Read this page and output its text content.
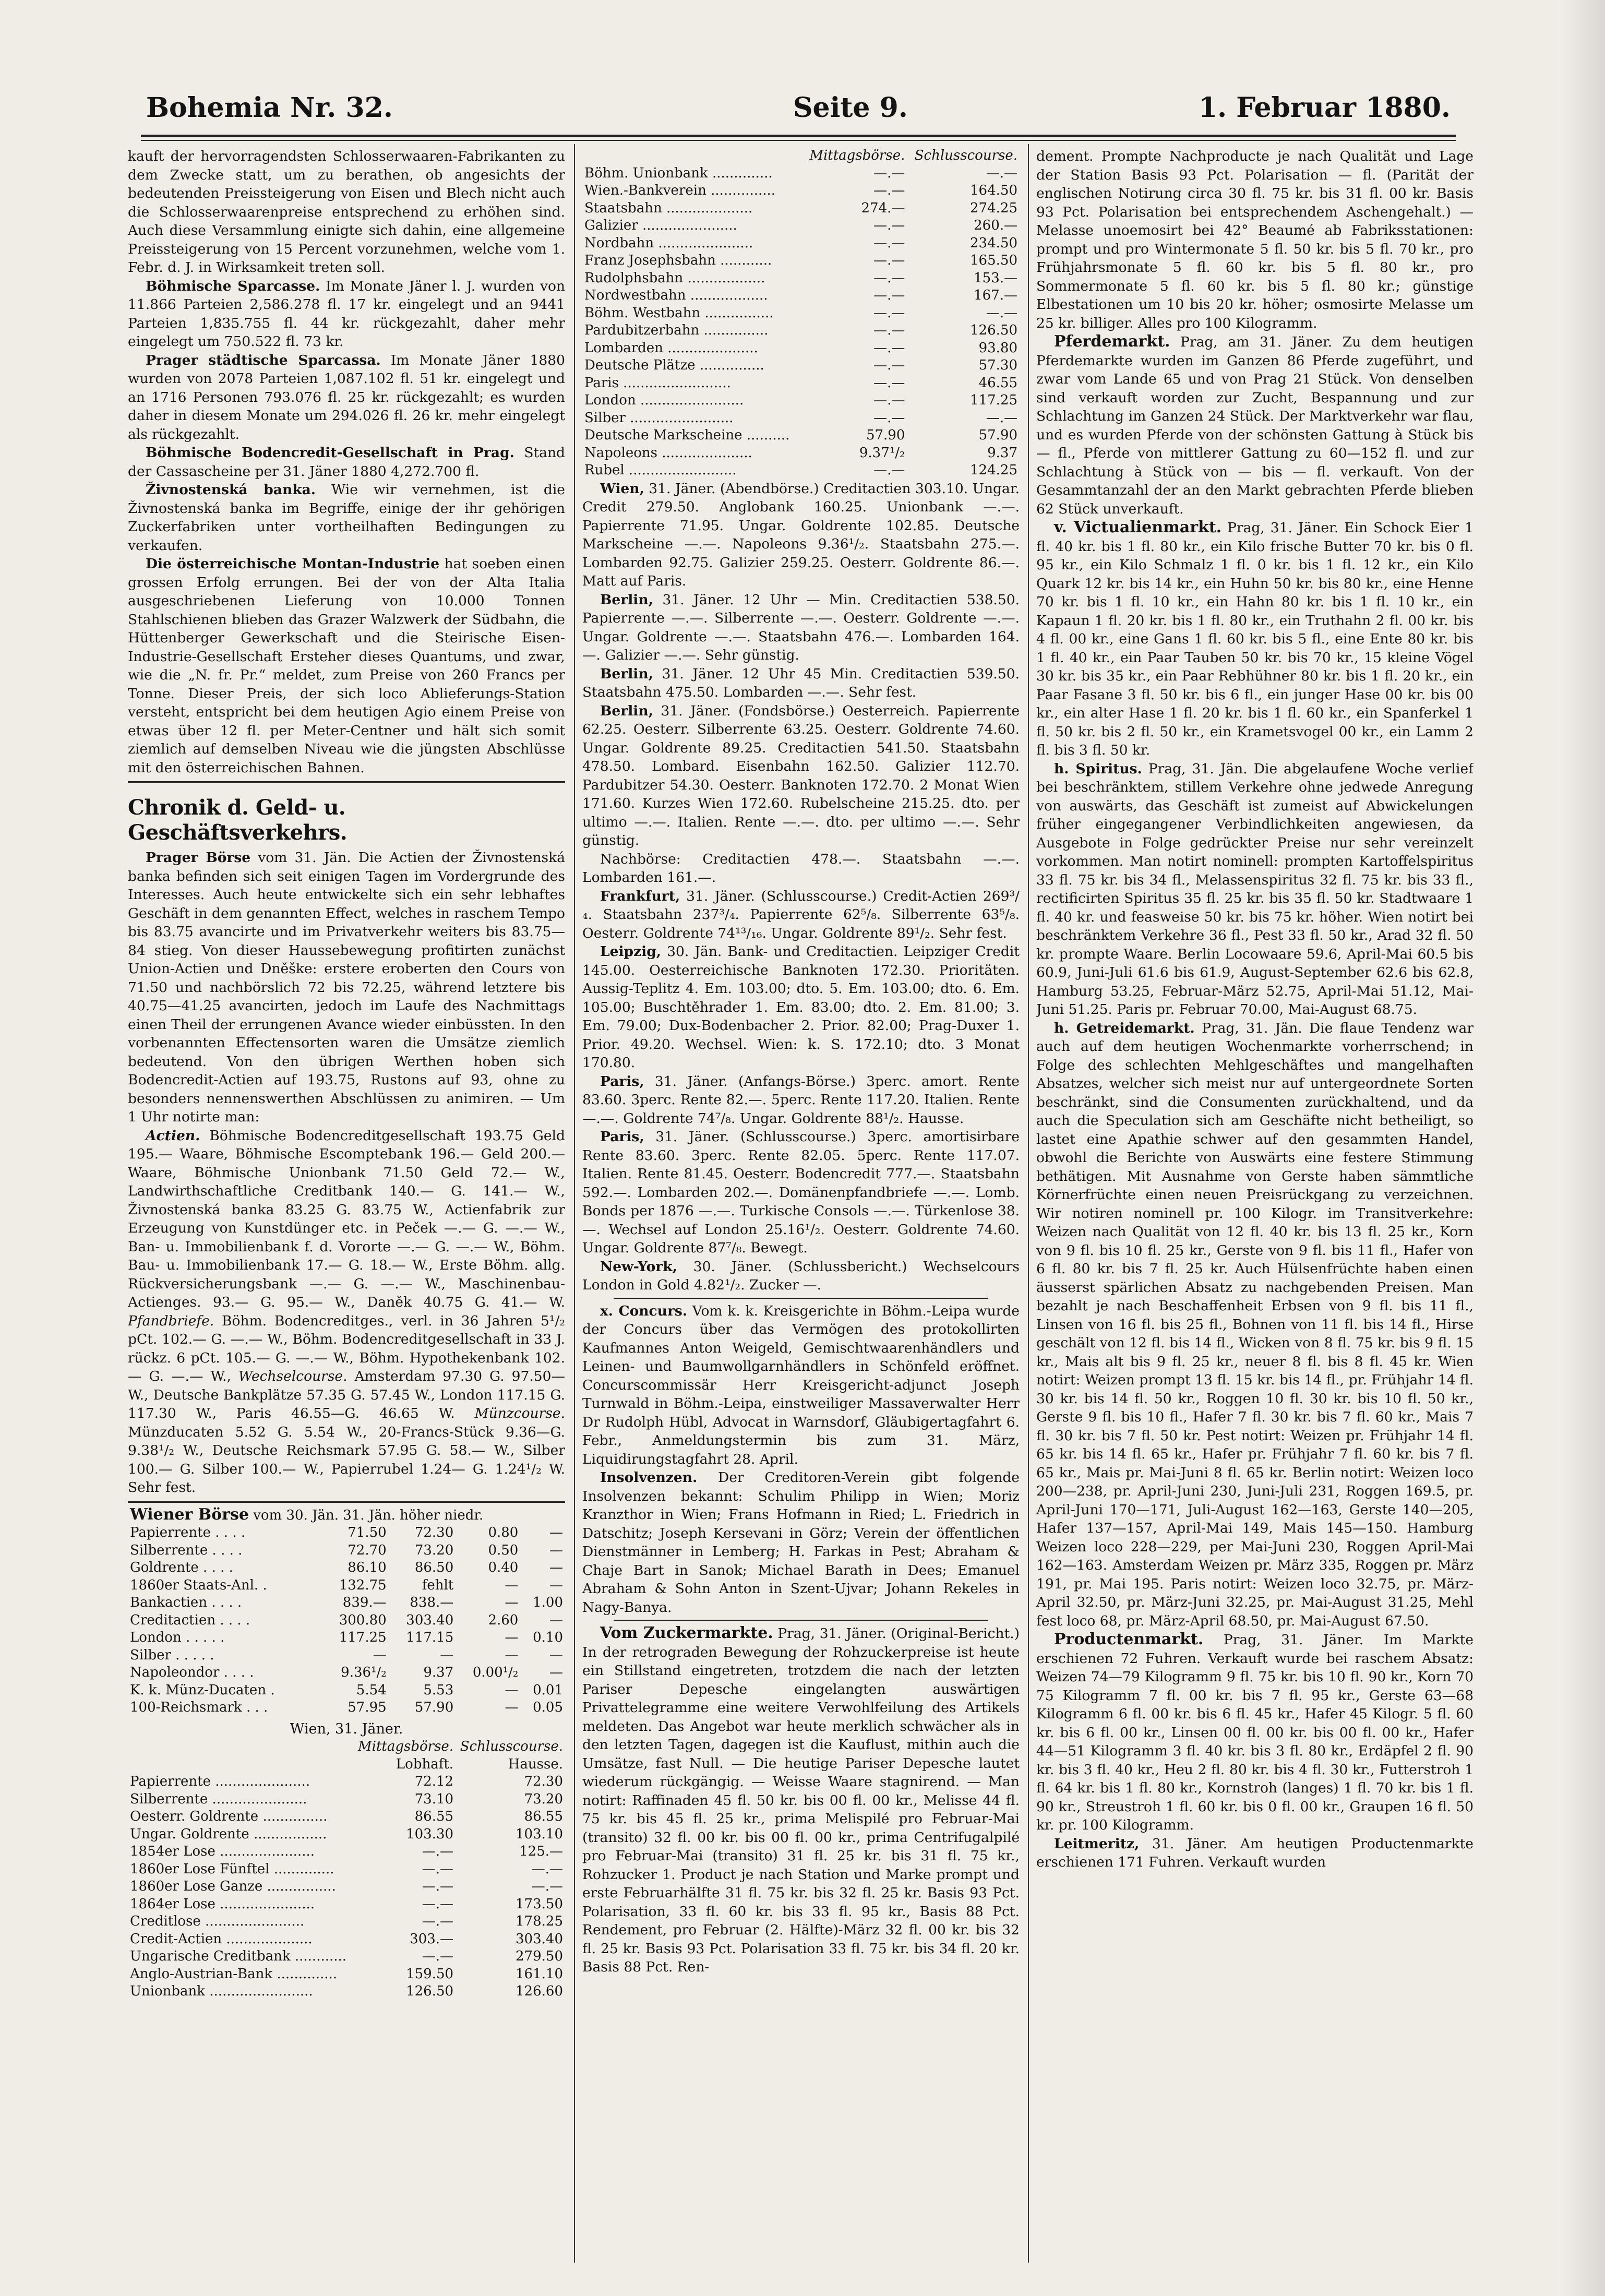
Bohemia Nr. 32.	Seite 9.	1. Februar 1880.

kauft der hervorragendsten Schlosserwaaren-Fabrikanten zu dem Zwecke statt, um zu berathen, ob angesichts der bedeutenden Preissteigerung von Eisen und Blech nicht auch die Schlosserwaarenpreise entsprechend zu erhöhen sind. Auch diese Versammlung einigte sich dahin, eine allgemeine Preissteigerung von 15 Percent vorzunehmen, welche vom 1. Febr. d. J. in Wirksamkeit treten soll.

Böhmische Sparcasse. Im Monate Jäner l. J. wurden von 11.866 Parteien 2,586.278 fl. 17 kr. eingelegt und an 9441 Parteien 1,835.755 fl. 44 kr. rückgezahlt, daher mehr eingelegt um 750.522 fl. 73 kr.

Prager städtische Sparcassa. Im Monate Jäner 1880 wurden von 2078 Parteien 1,087.102 fl. 51 kr. eingelegt und an 1716 Personen 793.076 fl. 25 kr. rückgezahlt; es wurden daher in diesem Monate um 294.026 fl. 26 kr. mehr eingelegt als rückgezahlt.

Böhmische Bodencredit-Gesellschaft in Prag. Stand der Cassascheine per 31. Jäner 1880 4,272.700 fl.

Živnostenská banka. Wie wir vernehmen, ist die Živnostenská banka im Begriffe, einige der ihr gehörigen Zuckerfabriken unter vortheilhaften Bedingungen zu verkaufen.

Die österreichische Montan-Industrie hat soeben einen grossen Erfolg errungen. Bei der von der Alta Italia ausgeschriebenen Lieferung von 10.000 Tonnen Stahlschienen blieben das Grazer Walzwerk der Südbahn, die Hüttenberger Gewerkschaft und die Steirische Eisen-Industrie-Gesellschaft Ersteher dieses Quantums, und zwar, wie die „N. fr. Pr.“ meldet, zum Preise von 260 Francs per Tonne. Dieser Preis, der sich loco Ablieferungs-Station versteht, entspricht bei dem heutigen Agio einem Preise von etwas über 12 fl. per Meter-Centner und hält sich somit ziemlich auf demselben Niveau wie die jüngsten Abschlüsse mit den österreichischen Bahnen.

Chronik d. Geld- u. Geschäftsverkehrs.

Prager Börse vom 31. Jän. Die Actien der Živnostenská banka befinden sich seit einigen Tagen im Vordergrunde des Interesses. Auch heute entwickelte sich ein sehr lebhaftes Geschäft in dem genannten Effect, welches in raschem Tempo bis 83.75 avancirte und im Privatverkehr weiters bis 83.75—84 stieg. Von dieser Haussebewegung profitirten zunächst Union-Actien und Dněške: erstere eroberten den Cours von 71.50 und nachbörslich 72 bis 72.25, während letztere bis 40.75—41.25 avancirten, jedoch im Laufe des Nachmittags einen Theil der errungenen Avance wieder einbüssten. In den vorbenannten Effectensorten waren die Umsätze ziemlich bedeutend. Von den übrigen Werthen hoben sich Bodencredit-Actien auf 193.75, Rustons auf 93, ohne zu besonders nennenswerthen Abschlüssen zu animiren. — Um 1 Uhr notirte man:

Actien. Böhmische Bodencreditgesellschaft 193.75 Geld 195.— Waare, Böhmische Escomptebank 196.— Geld 200.— Waare, Böhmische Unionbank 71.50 Geld 72.— W., Landwirthschaftliche Creditbank 140.— G. 141.— W., Živnostenská banka 83.25 G. 83.75 W., Actienfabrik zur Erzeugung von Kunstdünger etc. in Peček —.— G. —.— W., Ban- u. Immobilienbank f. d. Vororte —.— G. —.— W., Böhm. Bau- u. Immobilienbank 17.— G. 18.— W., Erste Böhm. allg. Rückversicherungsbank —.— G. —.— W., Maschinenbau-Actienges. 93.— G. 95.— W., Daněk 40.75 G. 41.— W. Pfandbriefe. Böhm. Bodencreditges., verl. in 36 Jahren 5¹/₂ pCt. 102.— G. —.— W., Böhm. Bodencreditgesellschaft in 33 J. rückz. 6 pCt. 105.— G. —.— W., Böhm. Hypothekenbank 102.— G. —.— W., Wechselcourse. Amsterdam 97.30 G. 97.50— W., Deutsche Bankplätze 57.35 G. 57.45 W., London 117.15 G. 117.30 W., Paris 46.55—G. 46.65 W. Münzcourse. Münzducaten 5.52 G. 5.54 W., 20-Francs-Stück 9.36—G. 9.38¹/₂ W., Deutsche Reichsmark 57.95 G. 58.— W., Silber 100.— G. Silber 100.— W., Papierrubel 1.24— G. 1.24¹/₂ W. Sehr fest.

Wiener Börse vom 30. Jän. 31. Jän. höher niedr.				
Papierrente . . . .	71.50	72.30	0.80	—
Silberrente . . . .	72.70	73.20	0.50	—
Goldrente . . . .	86.10	86.50	0.40	—
1860er Staats-Anl. .	132.75	fehlt	—	—
Bankactien . . . .	839.—	838.—	—	1.00
Creditactien . . . .	300.80	303.40	2.60	—
London . . . . .	117.25	117.15	—	0.10
Silber . . . . .	—	—	—	—
Napoleondor . . . .	9.36¹/₂	9.37	0.00¹/₂	—
K. k. Münz-Ducaten .	5.54	5.53	—	0.01
100-Reichsmark . . .	57.95	57.90	—	0.05
Wien, 31. Jäner.
	Mittagsbörse.	Schlusscourse.
	Lobhaft.	Hausse.
Papierrente ......................	72.12	72.30
Silberrente ......................	73.10	73.20
Oesterr. Goldrente ...............	86.55	86.55
Ungar. Goldrente .................	103.30	103.10
1854er Lose ......................	—.—	125.—
1860er Lose Fünftel ..............	—.—	—.—
1860er Lose Ganze ................	—.—	—.—
1864er Lose ......................	—.—	173.50
Creditlose .......................	—.—	178.25
Credit-Actien ....................	303.—	303.40
Ungarische Creditbank ............	—.—	279.50
Anglo-Austrian-Bank ..............	159.50	161.10
Unionbank ........................	126.50	126.60
	Mittagsbörse.	Schlusscourse.
Böhm. Unionbank ..............	—.—	—.—
Wien.-Bankverein ...............	—.—	164.50
Staatsbahn ....................	274.—	274.25
Galizier ......................	—.—	260.—
Nordbahn ......................	—.—	234.50
Franz Josephsbahn ............	—.—	165.50
Rudolphsbahn ..................	—.—	153.—
Nordwestbahn ..................	—.—	167.—
Böhm. Westbahn ................	—.—	—.—
Pardubitzerbahn ...............	—.—	126.50
Lombarden .....................	—.—	93.80
Deutsche Plätze ...............	—.—	57.30
Paris .........................	—.—	46.55
London ........................	—.—	117.25
Silber ........................	—.—	—.—
Deutsche Markscheine ..........	57.90	57.90
Napoleons .....................	9.37¹/₂	9.37
Rubel .........................	—.—	124.25

Wien, 31. Jäner. (Abendbörse.) Creditactien 303.10. Ungar. Credit 279.50. Anglobank 160.25. Unionbank —.—. Papierrente 71.95. Ungar. Goldrente 102.85. Deutsche Markscheine —.—. Napoleons 9.36¹/₂. Staatsbahn 275.—. Lombarden 92.75. Galizier 259.25. Oesterr. Goldrente 86.—. Matt auf Paris.

Berlin, 31. Jäner. 12 Uhr — Min. Creditactien 538.50. Papierrente —.—. Silberrente —.—. Oesterr. Goldrente —.—. Ungar. Goldrente —.—. Staatsbahn 476.—. Lombarden 164.—. Galizier —.—. Sehr günstig.

Berlin, 31. Jäner. 12 Uhr 45 Min. Creditactien 539.50. Staatsbahn 475.50. Lombarden —.—. Sehr fest.

Berlin, 31. Jäner. (Fondsbörse.) Oesterreich. Papierrente 62.25. Oesterr. Silberrente 63.25. Oesterr. Goldrente 74.60. Ungar. Goldrente 89.25. Creditactien 541.50. Staatsbahn 478.50. Lombard. Eisenbahn 162.50. Galizier 112.70. Pardubitzer 54.30. Oesterr. Banknoten 172.70. 2 Monat Wien 171.60. Kurzes Wien 172.60. Rubelscheine 215.25. dto. per ultimo —.—. Italien. Rente —.—. dto. per ultimo —.—. Sehr günstig.

Nachbörse: Creditactien 478.—. Staatsbahn —.—. Lombarden 161.—.

Frankfurt, 31. Jäner. (Schlusscourse.) Credit-Actien 269³/₄. Staatsbahn 237³/₄. Papierrente 62⁵/₈. Silberrente 63⁵/₈. Oesterr. Goldrente 74¹³/₁₆. Ungar. Goldrente 89¹/₂. Sehr fest.

Leipzig, 30. Jän. Bank- und Creditactien. Leipziger Credit 145.00. Oesterreichische Banknoten 172.30. Prioritäten. Aussig-Teplitz 4. Em. 103.00; dto. 5. Em. 103.00; dto. 6. Em. 105.00; Buschtěhrader 1. Em. 83.00; dto. 2. Em. 81.00; 3. Em. 79.00; Dux-Bodenbacher 2. Prior. 82.00; Prag-Duxer 1. Prior. 49.20. Wechsel. Wien: k. S. 172.10; dto. 3 Monat 170.80.

Paris, 31. Jäner. (Anfangs-Börse.) 3perc. amort. Rente 83.60. 3perc. Rente 82.—. 5perc. Rente 117.20. Italien. Rente —.—. Goldrente 74⁷/₈. Ungar. Goldrente 88¹/₂. Hausse.

Paris, 31. Jäner. (Schlusscourse.) 3perc. amortisirbare Rente 83.60. 3perc. Rente 82.05. 5perc. Rente 117.07. Italien. Rente 81.45. Oesterr. Bodencredit 777.—. Staatsbahn 592.—. Lombarden 202.—. Domänenpfandbriefe —.—. Lomb. Bonds per 1876 —.—. Turkische Consols —.—. Türkenlose 38.—. Wechsel auf London 25.16¹/₂. Oesterr. Goldrente 74.60. Ungar. Goldrente 87⁷/₈. Bewegt.

New-York, 30. Jäner. (Schlussbericht.) Wechselcours London in Gold 4.82¹/₂. Zucker —.

x. Concurs. Vom k. k. Kreisgerichte in Böhm.-Leipa wurde der Concurs über das Vermögen des protokollirten Kaufmannes Anton Weigeld, Gemischtwaarenhändlers und Leinen- und Baumwollgarnhändlers in Schönfeld eröffnet. Concurscommissär Herr Kreisgericht-adjunct Joseph Turnwald in Böhm.-Leipa, einstweiliger Massaverwalter Herr Dr Rudolph Hübl, Advocat in Warnsdorf, Gläubigertagfahrt 6. Febr., Anmeldungstermin bis zum 31. März, Liquidirungstagfahrt 28. April.

Insolvenzen. Der Creditoren-Verein gibt folgende Insolvenzen bekannt: Schulim Philipp in Wien; Moriz Kranzthor in Wien; Frans Hofmann in Ried; L. Friedrich in Datschitz; Joseph Kersevani in Görz; Verein der öffentlichen Dienstmänner in Lemberg; H. Farkas in Pest; Abraham & Chaje Bart in Sanok; Michael Barath in Dees; Emanuel Abraham & Sohn Anton in Szent-Ujvar; Johann Rekeles in Nagy-Banya.

Vom Zuckermarkte. Prag, 31. Jäner. (Original-Bericht.) In der retrograden Bewegung der Rohzuckerpreise ist heute ein Stillstand eingetreten, trotzdem die nach der letzten Pariser Depesche eingelangten auswärtigen Privattelegramme eine weitere Verwohlfeilung des Artikels meldeten. Das Angebot war heute merklich schwächer als in den letzten Tagen, dagegen ist die Kauflust, mithin auch die Umsätze, fast Null. — Die heutige Pariser Depesche lautet wiederum rückgängig. — Weisse Waare stagnirend. — Man notirt: Raffinaden 45 fl. 50 kr. bis 00 fl. 00 kr., Melisse 44 fl. 75 kr. bis 45 fl. 25 kr., prima Melispilé pro Februar-Mai (transito) 32 fl. 00 kr. bis 00 fl. 00 kr., prima Centrifugalpilé pro Februar-Mai (transito) 31 fl. 25 kr. bis 31 fl. 75 kr., Rohzucker 1. Product je nach Station und Marke prompt und erste Februarhälfte 31 fl. 75 kr. bis 32 fl. 25 kr. Basis 93 Pct. Polarisation, 33 fl. 60 kr. bis 33 fl. 95 kr., Basis 88 Pct. Rendement, pro Februar (2. Hälfte)-März 32 fl. 00 kr. bis 32 fl. 25 kr. Basis 93 Pct. Polarisation 33 fl. 75 kr. bis 34 fl. 20 kr. Basis 88 Pct. Ren-

dement. Prompte Nachproducte je nach Qualität und Lage der Station Basis 93 Pct. Polarisation — fl. (Parität der englischen Notirung circa 30 fl. 75 kr. bis 31 fl. 00 kr. Basis 93 Pct. Polarisation bei entsprechendem Aschengehalt.) — Melasse unoemosirt bei 42° Beaumé ab Fabriksstationen: prompt und pro Wintermonate 5 fl. 50 kr. bis 5 fl. 70 kr., pro Frühjahrsmonate 5 fl. 60 kr. bis 5 fl. 80 kr., pro Sommermonate 5 fl. 60 kr. bis 5 fl. 80 kr.; günstige Elbestationen um 10 bis 20 kr. höher; osmosirte Melasse um 25 kr. billiger. Alles pro 100 Kilogramm.

Pferdemarkt. Prag, am 31. Jäner. Zu dem heutigen Pferdemarkte wurden im Ganzen 86 Pferde zugeführt, und zwar vom Lande 65 und von Prag 21 Stück. Von denselben sind verkauft worden zur Zucht, Bespannung und zur Schlachtung im Ganzen 24 Stück. Der Marktverkehr war flau, und es wurden Pferde von der schönsten Gattung à Stück bis — fl., Pferde von mittlerer Gattung zu 60—152 fl. und zur Schlachtung à Stück von — bis — fl. verkauft. Von der Gesammtanzahl der an den Markt gebrachten Pferde blieben 62 Stück unverkauft.

v. Victualienmarkt. Prag, 31. Jäner. Ein Schock Eier 1 fl. 40 kr. bis 1 fl. 80 kr., ein Kilo frische Butter 70 kr. bis 0 fl. 95 kr., ein Kilo Schmalz 1 fl. 0 kr. bis 1 fl. 12 kr., ein Kilo Quark 12 kr. bis 14 kr., ein Huhn 50 kr. bis 80 kr., eine Henne 70 kr. bis 1 fl. 10 kr., ein Hahn 80 kr. bis 1 fl. 10 kr., ein Kapaun 1 fl. 20 kr. bis 1 fl. 80 kr., ein Truthahn 2 fl. 00 kr. bis 4 fl. 00 kr., eine Gans 1 fl. 60 kr. bis 5 fl., eine Ente 80 kr. bis 1 fl. 40 kr., ein Paar Tauben 50 kr. bis 70 kr., 15 kleine Vögel 30 kr. bis 35 kr., ein Paar Rebhühner 80 kr. bis 1 fl. 20 kr., ein Paar Fasane 3 fl. 50 kr. bis 6 fl., ein junger Hase 00 kr. bis 00 kr., ein alter Hase 1 fl. 20 kr. bis 1 fl. 60 kr., ein Spanferkel 1 fl. 50 kr. bis 2 fl. 50 kr., ein Krametsvogel 00 kr., ein Lamm 2 fl. bis 3 fl. 50 kr.

h. Spiritus. Prag, 31. Jän. Die abgelaufene Woche verlief bei beschränktem, stillem Verkehre ohne jedwede Anregung von auswärts, das Geschäft ist zumeist auf Abwickelungen früher eingegangener Verbindlichkeiten angewiesen, da Ausgebote in Folge gedrückter Preise nur sehr vereinzelt vorkommen. Man notirt nominell: prompten Kartoffelspiritus 33 fl. 75 kr. bis 34 fl., Melassenspiritus 32 fl. 75 kr. bis 33 fl., rectificirten Spiritus 35 fl. 25 kr. bis 35 fl. 50 kr. Stadtwaare 1 fl. 40 kr. und feasweise 50 kr. bis 75 kr. höher. Wien notirt bei beschränktem Verkehre 36 fl., Pest 33 fl. 50 kr., Arad 32 fl. 50 kr. prompte Waare. Berlin Locowaare 59.6, April-Mai 60.5 bis 60.9, Juni-Juli 61.6 bis 61.9, August-September 62.6 bis 62.8, Hamburg 53.25, Februar-März 52.75, April-Mai 51.12, Mai-Juni 51.25. Paris pr. Februar 70.00, Mai-August 68.75.

h. Getreidemarkt. Prag, 31. Jän. Die flaue Tendenz war auch auf dem heutigen Wochenmarkte vorherrschend; in Folge des schlechten Mehlgeschäftes und mangelhaften Absatzes, welcher sich meist nur auf untergeordnete Sorten beschränkt, sind die Consumenten zurückhaltend, und da auch die Speculation sich am Geschäfte nicht betheiligt, so lastet eine Apathie schwer auf den gesammten Handel, obwohl die Berichte von Auswärts eine festere Stimmung bethätigen. Mit Ausnahme von Gerste haben sämmtliche Körnerfrüchte einen neuen Preisrückgang zu verzeichnen. Wir notiren nominell pr. 100 Kilogr. im Transitverkehre: Weizen nach Qualität von 12 fl. 40 kr. bis 13 fl. 25 kr., Korn von 9 fl. bis 10 fl. 25 kr., Gerste von 9 fl. bis 11 fl., Hafer von 6 fl. 80 kr. bis 7 fl. 25 kr. Auch Hülsenfrüchte haben einen äusserst spärlichen Absatz zu nachgebenden Preisen. Man bezahlt je nach Beschaffenheit Erbsen von 9 fl. bis 11 fl., Linsen von 16 fl. bis 25 fl., Bohnen von 11 fl. bis 14 fl., Hirse geschält von 12 fl. bis 14 fl., Wicken von 8 fl. 75 kr. bis 9 fl. 15 kr., Mais alt bis 9 fl. 25 kr., neuer 8 fl. bis 8 fl. 45 kr. Wien notirt: Weizen prompt 13 fl. 15 kr. bis 14 fl., pr. Frühjahr 14 fl. 30 kr. bis 14 fl. 50 kr., Roggen 10 fl. 30 kr. bis 10 fl. 50 kr., Gerste 9 fl. bis 10 fl., Hafer 7 fl. 30 kr. bis 7 fl. 60 kr., Mais 7 fl. 30 kr. bis 7 fl. 50 kr. Pest notirt: Weizen pr. Frühjahr 14 fl. 65 kr. bis 14 fl. 65 kr., Hafer pr. Frühjahr 7 fl. 60 kr. bis 7 fl. 65 kr., Mais pr. Mai-Juni 8 fl. 65 kr. Berlin notirt: Weizen loco 200—238, pr. April-Juni 230, Juni-Juli 231, Roggen 169.5, pr. April-Juni 170—171, Juli-August 162—163, Gerste 140—205, Hafer 137—157, April-Mai 149, Mais 145—150. Hamburg Weizen loco 228—229, per Mai-Juni 230, Roggen April-Mai 162—163. Amsterdam Weizen pr. März 335, Roggen pr. März 191, pr. Mai 195. Paris notirt: Weizen loco 32.75, pr. März-April 32.50, pr. März-Juni 32.25, pr. Mai-August 31.25, Mehl fest loco 68, pr. März-April 68.50, pr. Mai-August 67.50.

Productenmarkt. Prag, 31. Jäner. Im Markte erschienen 72 Fuhren. Verkauft wurde bei raschem Absatz: Weizen 74—79 Kilogramm 9 fl. 75 kr. bis 10 fl. 90 kr., Korn 70 75 Kilogramm 7 fl. 00 kr. bis 7 fl. 95 kr., Gerste 63—68 Kilogramm 6 fl. 00 kr. bis 6 fl. 45 kr., Hafer 45 Kilogr. 5 fl. 60 kr. bis 6 fl. 00 kr., Linsen 00 fl. 00 kr. bis 00 fl. 00 kr., Hafer 44—51 Kilogramm 3 fl. 40 kr. bis 3 fl. 80 kr., Erdäpfel 2 fl. 90 kr. bis 3 fl. 40 kr., Heu 2 fl. 80 kr. bis 4 fl. 30 kr., Futterstroh 1 fl. 64 kr. bis 1 fl. 80 kr., Kornstroh (langes) 1 fl. 70 kr. bis 1 fl. 90 kr., Streustroh 1 fl. 60 kr. bis 0 fl. 00 kr., Graupen 16 fl. 50 kr. pr. 100 Kilogramm.

Leitmeritz, 31. Jäner. Am heutigen Productenmarkte erschienen 171 Fuhren. Verkauft wurden
